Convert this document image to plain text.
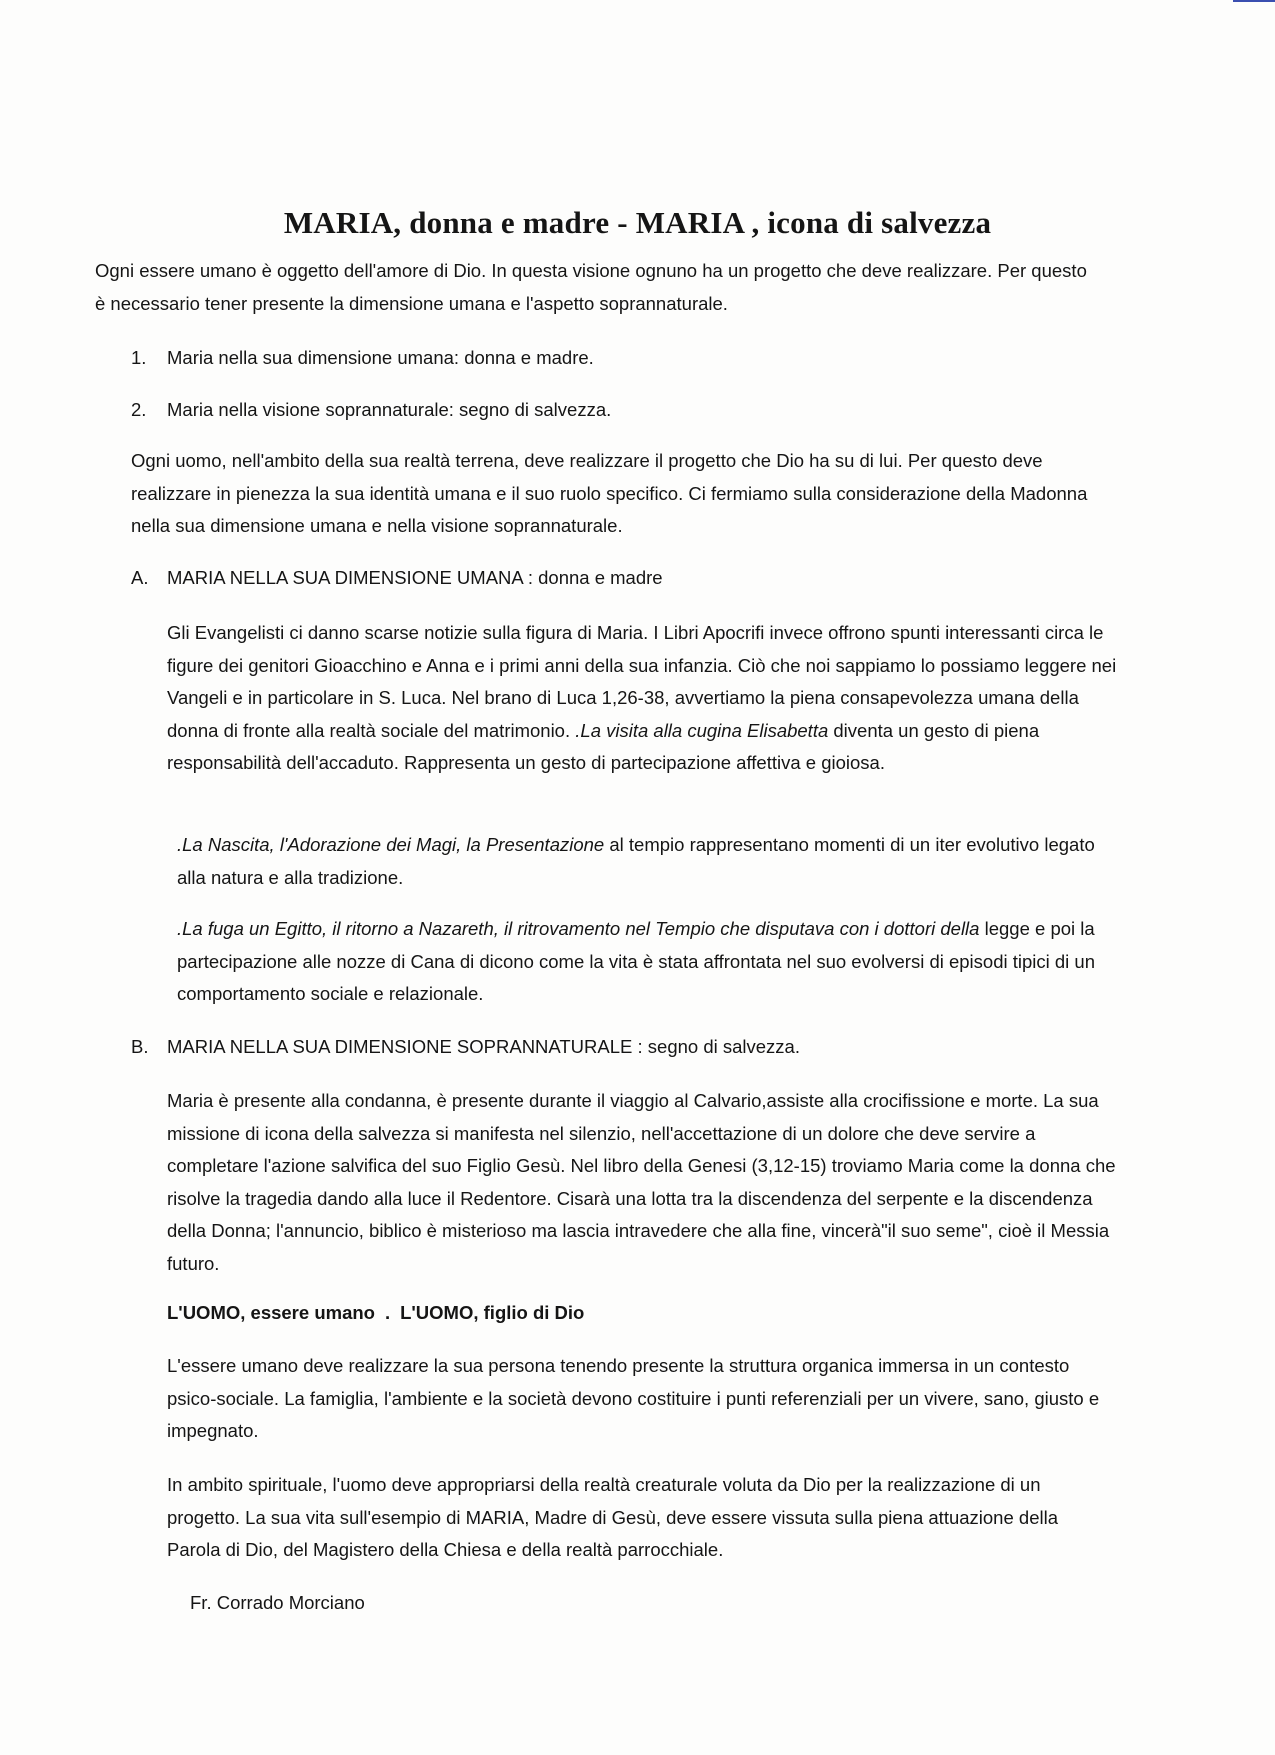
MARIA, donna e madre - MARIA , icona di salvezza

Ogni essere umano è oggetto dell'amore di Dio. In questa visione ognuno ha un progetto che deve realizzare. Per questo è necessario tener presente la dimensione umana e l'aspetto soprannaturale.

1. Maria nella sua dimensione umana: donna e madre.
2. Maria nella visione soprannaturale: segno di salvezza.

Ogni uomo, nell'ambito della sua realtà terrena, deve realizzare il progetto che Dio ha su di lui. Per questo deve realizzare in pienezza la sua identità umana e il suo ruolo specifico. Ci fermiamo sulla considerazione della Madonna nella sua dimensione umana e nella visione soprannaturale.

A. MARIA NELLA SUA DIMENSIONE UMANA : donna e madre

Gli Evangelisti ci danno scarse notizie sulla figura di Maria. I Libri Apocrifi invece offrono spunti interessanti circa le figure dei genitori Gioacchino e Anna e i primi anni della sua infanzia. Ciò che noi sappiamo lo possiamo leggere nei Vangeli e in particolare in S. Luca. Nel brano di Luca 1,26-38, avvertiamo la piena consapevolezza umana della donna di fronte alla realtà sociale del matrimonio. .La visita alla cugina Elisabetta diventa un gesto di piena responsabilità dell'accaduto. Rappresenta un gesto di partecipazione affettiva e gioiosa.

.La Nascita, l'Adorazione dei Magi, la Presentazione al tempio rappresentano momenti di un iter evolutivo legato alla natura e alla tradizione.

.La fuga un Egitto, il ritorno a Nazareth, il ritrovamento nel Tempio che disputava con i dottori della legge e poi la partecipazione alle nozze di Cana di dicono come la vita è stata affrontata nel suo evolversi di episodi tipici di un comportamento sociale e relazionale.

B. MARIA NELLA SUA DIMENSIONE SOPRANNATURALE : segno di salvezza.

Maria è presente alla condanna, è presente durante il viaggio al Calvario,assiste alla crocifissione e morte. La sua missione di icona della salvezza si manifesta nel silenzio, nell'accettazione di un dolore che deve servire a completare l'azione salvifica del suo Figlio Gesù. Nel libro della Genesi (3,12-15) troviamo Maria come la donna che risolve la tragedia dando alla luce il Redentore. Cisarà una lotta tra la discendenza del serpente e la discendenza della Donna; l'annuncio, biblico è misterioso ma lascia intravedere che alla fine, vincerà"il suo seme", cioè il Messia futuro.

L'UOMO, essere umano . L'UOMO, figlio di Dio

L'essere umano deve realizzare la sua persona tenendo presente la struttura organica immersa in un contesto psico-sociale. La famiglia, l'ambiente e la società devono costituire i punti referenziali per un vivere, sano, giusto e impegnato.

In ambito spirituale, l'uomo deve appropriarsi della realtà creaturale voluta da Dio per la realizzazione di un progetto. La sua vita sull'esempio di MARIA, Madre di Gesù, deve essere vissuta sulla piena attuazione della Parola di Dio, del Magistero della Chiesa e della realtà parrocchiale.

Fr. Corrado Morciano
